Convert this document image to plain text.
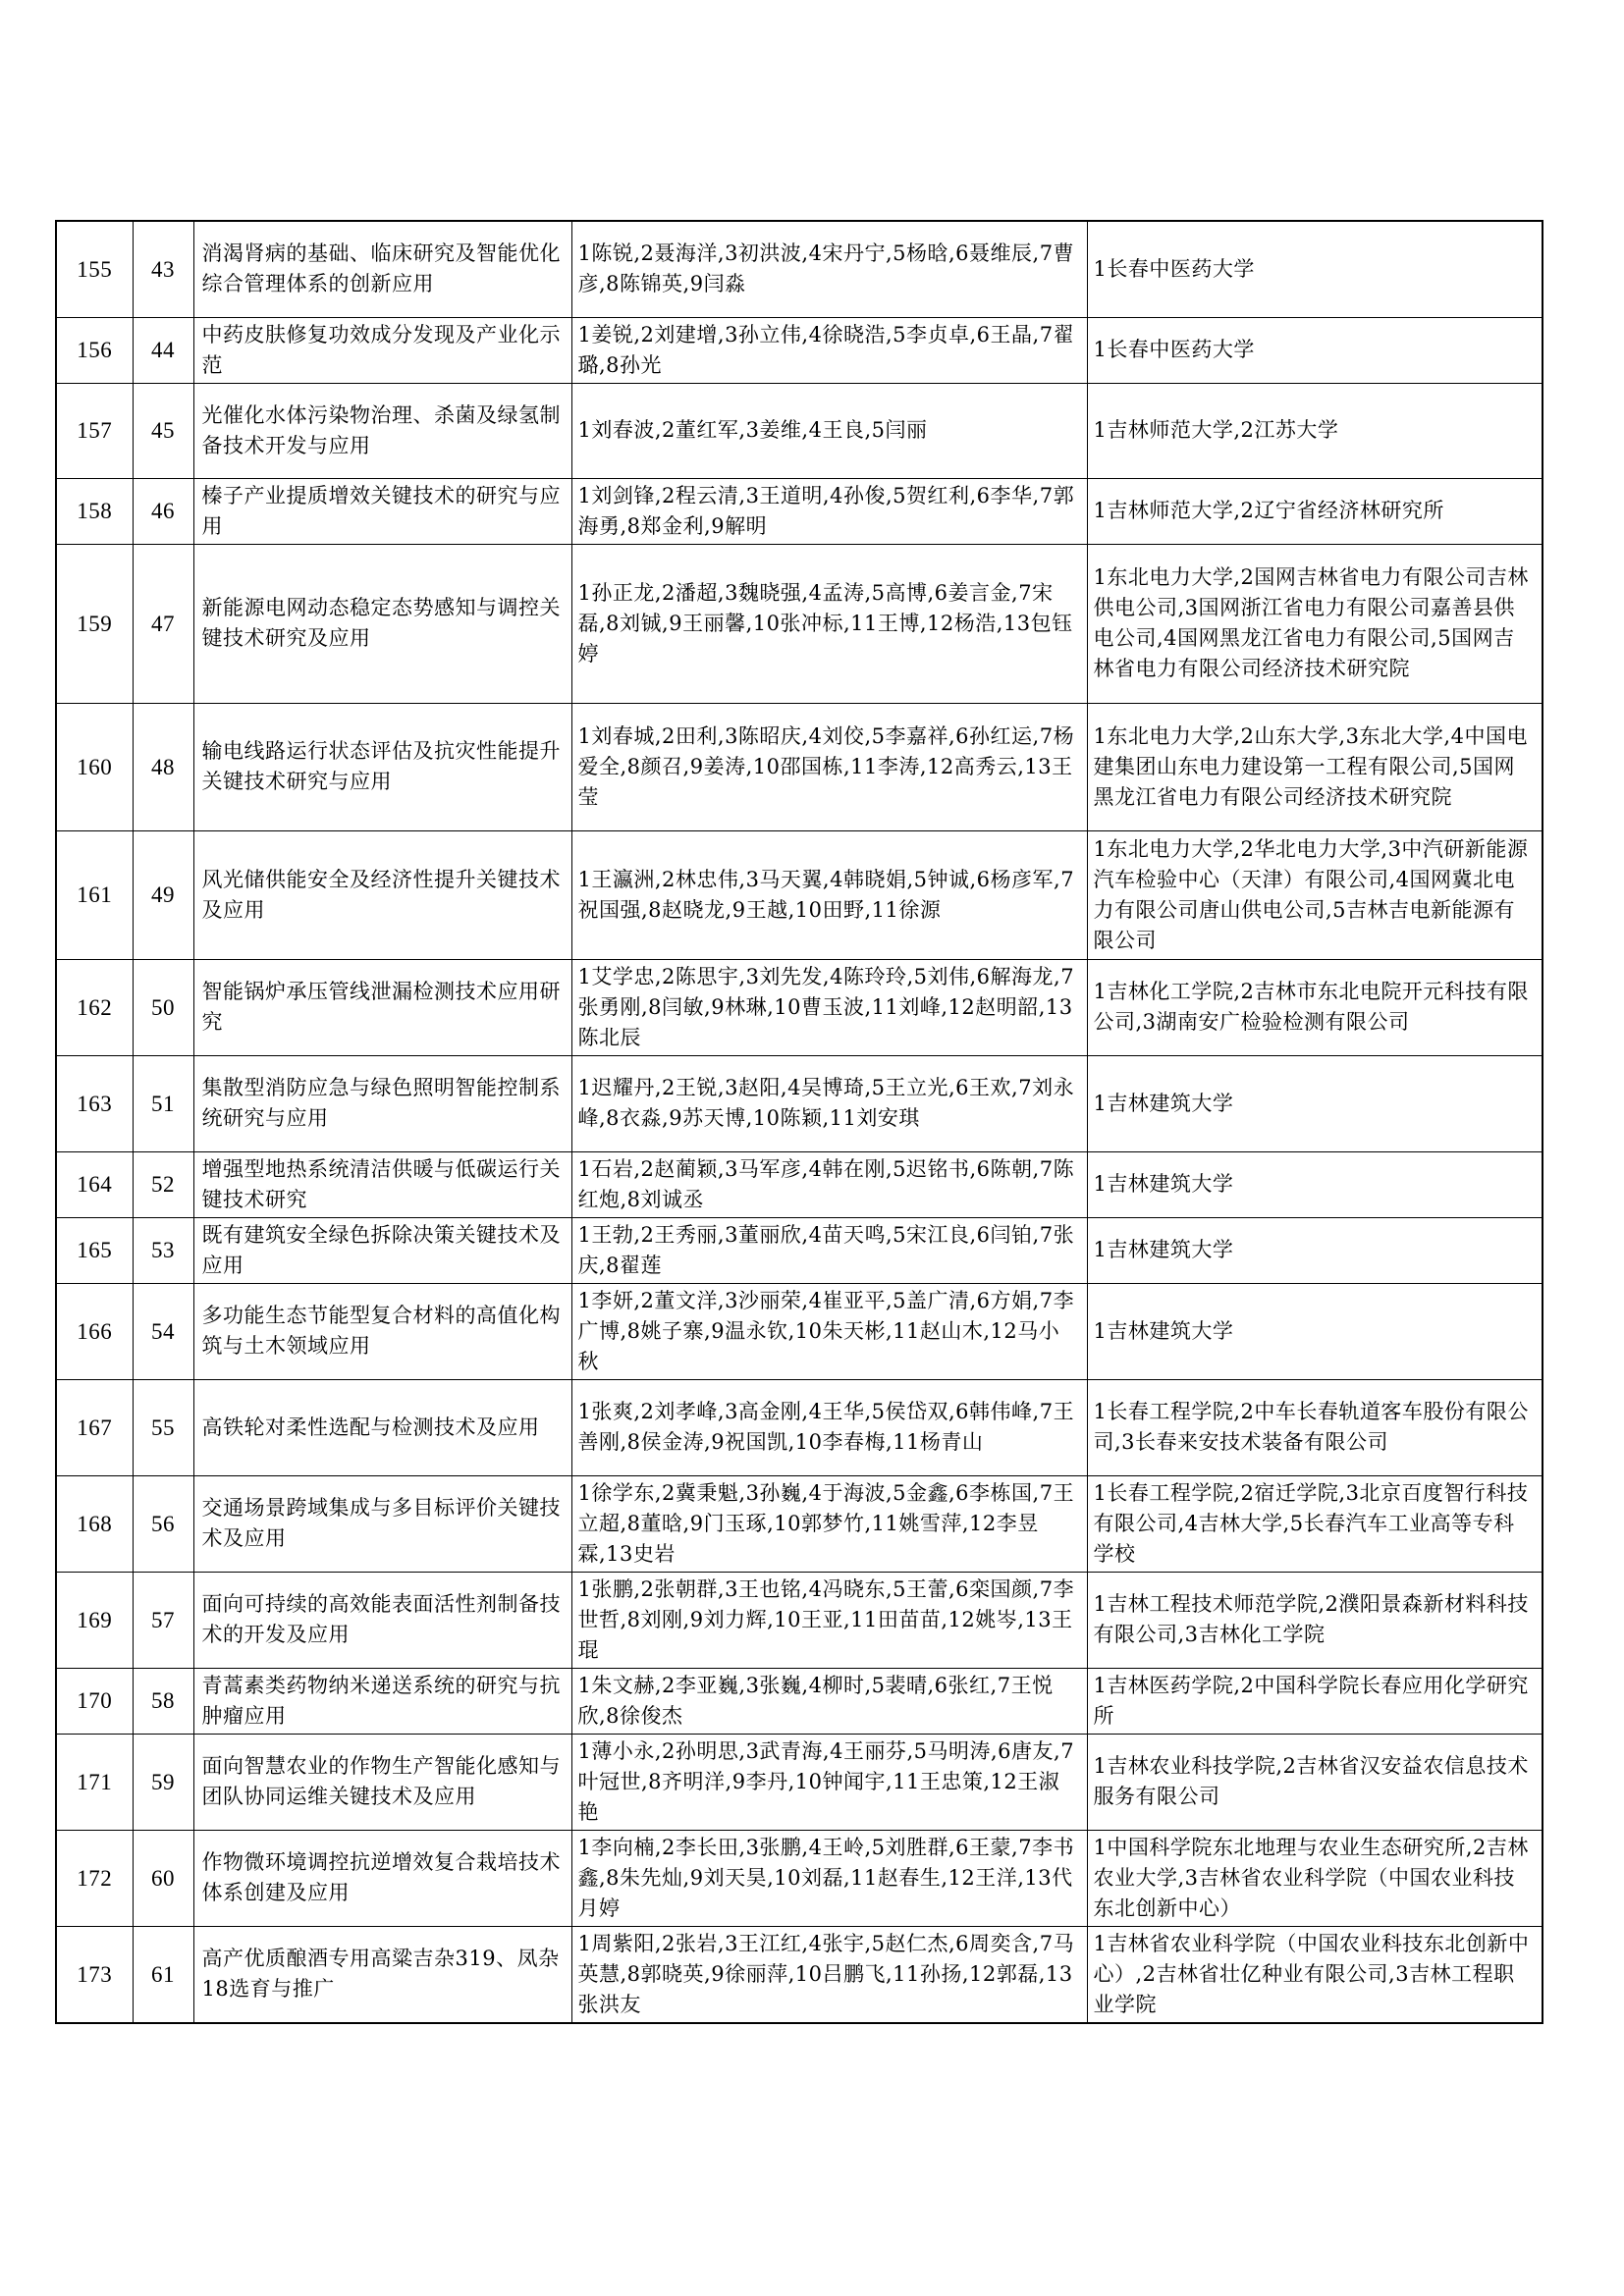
155	43	消渴肾病的基础、临床研究及智能优化综合管理体系的创新应用	1陈锐,2聂海洋,3初洪波,4宋丹宁,5杨晗,6聂维辰,7曹彦,8陈锦英,9闫淼	1长春中医药大学
156	44	中药皮肤修复功效成分发现及产业化示范	1姜锐,2刘建增,3孙立伟,4徐晓浩,5李贞卓,6王晶,7翟璐,8孙光	1长春中医药大学
157	45	光催化水体污染物治理、杀菌及绿氢制备技术开发与应用	1刘春波,2董红军,3姜维,4王良,5闫丽	1吉林师范大学,2江苏大学
158	46	榛子产业提质增效关键技术的研究与应用	1刘剑锋,2程云清,3王道明,4孙俊,5贺红利,6李华,7郭海勇,8郑金利,9解明	1吉林师范大学,2辽宁省经济林研究所
159	47	新能源电网动态稳定态势感知与调控关键技术研究及应用	1孙正龙,2潘超,3魏晓强,4孟涛,5高博,6姜言金,7宋磊,8刘铖,9王丽馨,10张冲标,11王博,12杨浩,13包钰婷	1东北电力大学,2国网吉林省电力有限公司吉林供电公司,3国网浙江省电力有限公司嘉善县供电公司,4国网黑龙江省电力有限公司,5国网吉林省电力有限公司经济技术研究院
160	48	输电线路运行状态评估及抗灾性能提升关键技术研究与应用	1刘春城,2田利,3陈昭庆,4刘佼,5李嘉祥,6孙红运,7杨爱全,8颜召,9姜涛,10邵国栋,11李涛,12高秀云,13王莹	1东北电力大学,2山东大学,3东北大学,4中国电建集团山东电力建设第一工程有限公司,5国网黑龙江省电力有限公司经济技术研究院
161	49	风光储供能安全及经济性提升关键技术及应用	1王瀛洲,2林忠伟,3马天翼,4韩晓娟,5钟诚,6杨彦军,7祝国强,8赵晓龙,9王越,10田野,11徐源	1东北电力大学,2华北电力大学,3中汽研新能源汽车检验中心（天津）有限公司,4国网冀北电力有限公司唐山供电公司,5吉林吉电新能源有限公司
162	50	智能锅炉承压管线泄漏检测技术应用研究	1艾学忠,2陈思宇,3刘先发,4陈玲玲,5刘伟,6解海龙,7张勇刚,8闫敏,9林琳,10曹玉波,11刘峰,12赵明韶,13陈北辰	1吉林化工学院,2吉林市东北电院开元科技有限公司,3湖南安广检验检测有限公司
163	51	集散型消防应急与绿色照明智能控制系统研究与应用	1迟耀丹,2王锐,3赵阳,4吴博琦,5王立光,6王欢,7刘永峰,8衣淼,9苏天博,10陈颖,11刘安琪	1吉林建筑大学
164	52	增强型地热系统清洁供暖与低碳运行关键技术研究	1石岩,2赵蔺颖,3马军彦,4韩在刚,5迟铭书,6陈朝,7陈红炮,8刘诚丞	1吉林建筑大学
165	53	既有建筑安全绿色拆除决策关键技术及应用	1王勃,2王秀丽,3董丽欣,4苗天鸣,5宋江良,6闫铂,7张庆,8翟莲	1吉林建筑大学
166	54	多功能生态节能型复合材料的高值化构筑与土木领域应用	1李妍,2董文洋,3沙丽荣,4崔亚平,5盖广清,6方娟,7李广博,8姚子寨,9温永钦,10朱天彬,11赵山木,12马小秋	1吉林建筑大学
167	55	高铁轮对柔性选配与检测技术及应用	1张爽,2刘孝峰,3高金刚,4王华,5侯岱双,6韩伟峰,7王善刚,8侯金涛,9祝国凯,10李春梅,11杨青山	1长春工程学院,2中车长春轨道客车股份有限公司,3长春来安技术装备有限公司
168	56	交通场景跨域集成与多目标评价关键技术及应用	1徐学东,2冀秉魁,3孙巍,4于海波,5金鑫,6李栋国,7王立超,8董晗,9门玉琢,10郭梦竹,11姚雪萍,12李昱霖,13史岩	1长春工程学院,2宿迁学院,3北京百度智行科技有限公司,4吉林大学,5长春汽车工业高等专科学校
169	57	面向可持续的高效能表面活性剂制备技术的开发及应用	1张鹏,2张朝群,3王也铭,4冯晓东,5王蕾,6栾国颜,7李世哲,8刘刚,9刘力辉,10王亚,11田苗苗,12姚岑,13王琨	1吉林工程技术师范学院,2濮阳景森新材料科技有限公司,3吉林化工学院
170	58	青蒿素类药物纳米递送系统的研究与抗肿瘤应用	1朱文赫,2李亚巍,3张巍,4柳时,5裴晴,6张红,7王悦欣,8徐俊杰	1吉林医药学院,2中国科学院长春应用化学研究所
171	59	面向智慧农业的作物生产智能化感知与团队协同运维关键技术及应用	1薄小永,2孙明思,3武青海,4王丽芬,5马明涛,6唐友,7叶冠世,8齐明洋,9李丹,10钟闻宇,11王忠策,12王淑艳	1吉林农业科技学院,2吉林省汉安益农信息技术服务有限公司
172	60	作物微环境调控抗逆增效复合栽培技术体系创建及应用	1李向楠,2李长田,3张鹏,4王岭,5刘胜群,6王蒙,7李书鑫,8朱先灿,9刘天昊,10刘磊,11赵春生,12王洋,13代月婷	1中国科学院东北地理与农业生态研究所,2吉林农业大学,3吉林省农业科学院（中国农业科技东北创新中心）
173	61	高产优质酿酒专用高粱吉杂319、凤杂18选育与推广	1周紫阳,2张岩,3王江红,4张宇,5赵仁杰,6周奕含,7马英慧,8郭晓英,9徐丽萍,10吕鹏飞,11孙扬,12郭磊,13张洪友	1吉林省农业科学院（中国农业科技东北创新中心）,2吉林省壮亿种业有限公司,3吉林工程职业学院
